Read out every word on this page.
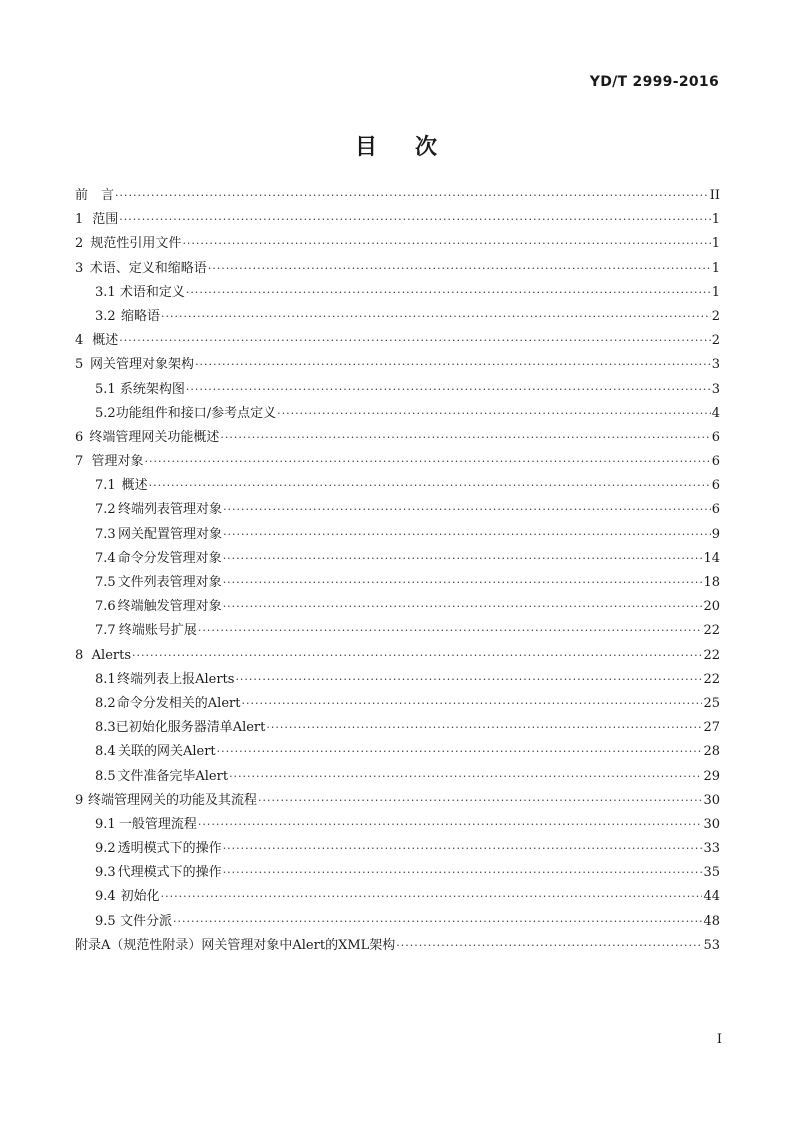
YD/T 2999-2016
目次
前　言 ·····	II
1 范围 ·····	1
2 规范性引用文件 ·····	1
3 术语、定义和缩略语 ·····	1
3.1 术语和定义 ·····	1
3.2 缩略语 ·····	2
4 概述 ·····	2
5 网关管理对象架构 ·····	3
5.1 系统架构图 ·····	3
5.2 功能组件和接口/参考点定义 ·····	4
6 终端管理网关功能概述 ·····	6
7 管理对象 ·····	6
7.1 概述 ·····	6
7.2 终端列表管理对象 ·····	6
7.3 网关配置管理对象 ·····	9
7.4 命令分发管理对象 ·····	14
7.5 文件列表管理对象 ·····	18
7.6 终端触发管理对象 ·····	20
7.7 终端账号扩展 ·····	22
8 Alerts ·····	22
8.1 终端列表上报Alerts ·····	22
8.2 命令分发相关的Alert ·····	25
8.3 已初始化服务器清单Alert ·····	27
8.4 关联的网关Alert ·····	28
8.5 文件准备完毕Alert ·····	29
9 终端管理网关的功能及其流程 ·····	30
9.1 一般管理流程 ·····	30
9.2 透明模式下的操作 ·····	33
9.3 代理模式下的操作 ·····	35
9.4 初始化 ·····	44
9.5 文件分派 ·····	48
附录A（规范性附录）网关管理对象中Alert的XML架构 ·····	53
I
